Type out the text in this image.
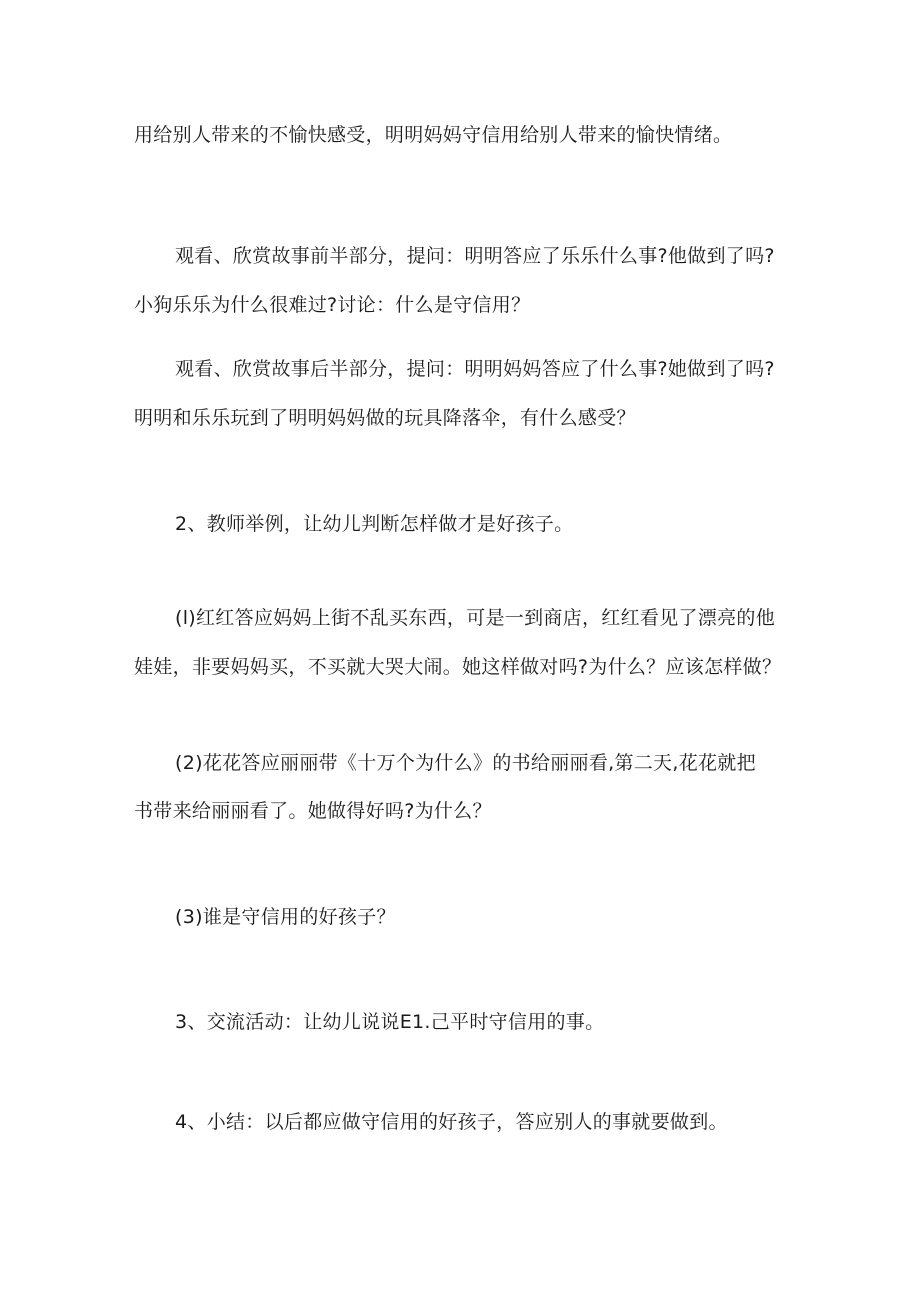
用给别人带来的不愉快感受，明明妈妈守信用给别人带来的愉快情绪。
观看、欣赏故事前半部分，提问：明明答应了乐乐什么事?他做到了吗?
小狗乐乐为什么很难过?讨论：什么是守信用？
观看、欣赏故事后半部分，提问：明明妈妈答应了什么事?她做到了吗?
明明和乐乐玩到了明明妈妈做的玩具降落伞，有什么感受？
2、教师举例，让幼儿判断怎样做才是好孩子。
(l)红红答应妈妈上街不乱买东西，可是一到商店，红红看见了漂亮的他
娃娃，非要妈妈买，不买就大哭大闹。她这样做对吗?为什么？应该怎样做？
(2)花花答应丽丽带《十万个为什么》的书给丽丽看,第二天,花花就把
书带来给丽丽看了。她做得好吗?为什么？
(3)谁是守信用的好孩子？
3、交流活动：让幼儿说说E1.己平时守信用的事。
4、小结：以后都应做守信用的好孩子，答应别人的事就要做到。
